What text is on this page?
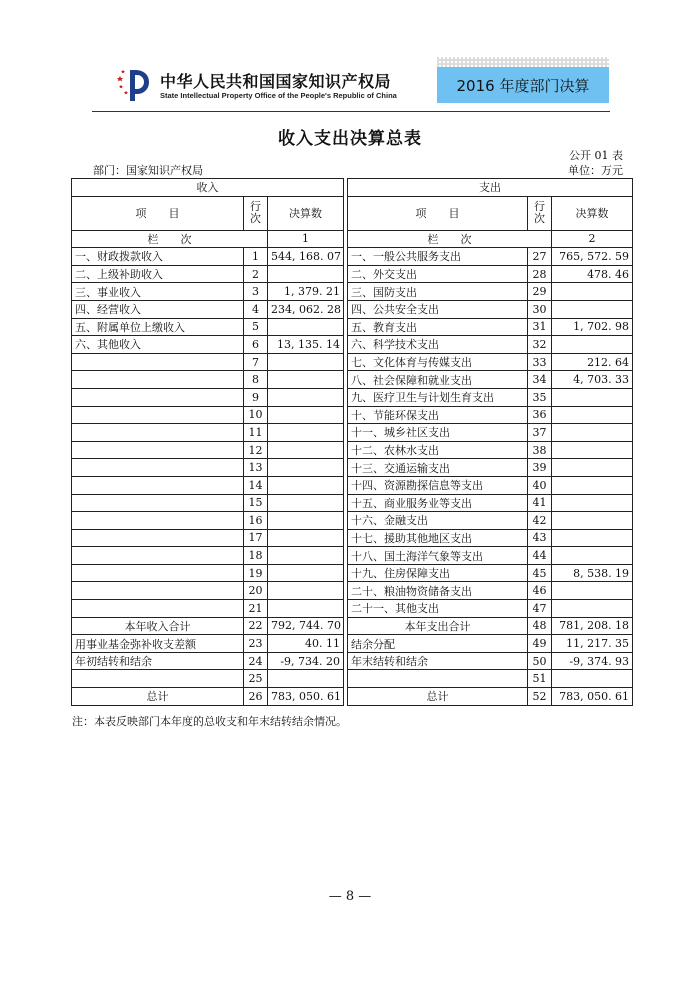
中华人民共和国国家知识产权局
State Intellectual Property Office of the People's Republic of China
2016 年度部门决算
收入支出决算总表
公开 01 表
部门：国家知识产权局	单位：万元
收入				支出		
项　　目	行次	决算数		项　　目	行次	决算数
栏　　次		1		栏　　次		2
一、财政拨款收入	1	544, 168. 07		一、一般公共服务支出	27	765, 572. 59
二、上级补助收入	2			二、外交支出	28	478. 46
三、事业收入	3	1, 379. 21		三、国防支出	29	
四、经营收入	4	234, 062. 28		四、公共安全支出	30	
五、附属单位上缴收入	5			五、教育支出	31	1, 702. 98
六、其他收入	6	13, 135. 14		六、科学技术支出	32	
	7			七、文化体育与传媒支出	33	212. 64
	8			八、社会保障和就业支出	34	4, 703. 33
	9			九、医疗卫生与计划生育支出	35	
	10			十、节能环保支出	36	
	11			十一、城乡社区支出	37	
	12			十二、农林水支出	38	
	13			十三、交通运输支出	39	
	14			十四、资源勘探信息等支出	40	
	15			十五、商业服务业等支出	41	
	16			十六、金融支出	42	
	17			十七、援助其他地区支出	43	
	18			十八、国土海洋气象等支出	44	
	19			十九、住房保障支出	45	8, 538. 19
	20			二十、粮油物资储备支出	46	
	21			二十一、其他支出	47	
本年收入合计	22	792, 744. 70		本年支出合计	48	781, 208. 18
用事业基金弥补收支差额	23	40. 11		结余分配	49	11, 217. 35
年初结转和结余	24	-9, 734. 20		年末结转和结余	50	-9, 374. 93
	25				51	
总计	26	783, 050. 61		总计	52	783, 050. 61
注：本表反映部门本年度的总收支和年末结转结余情况。
— 8 —
